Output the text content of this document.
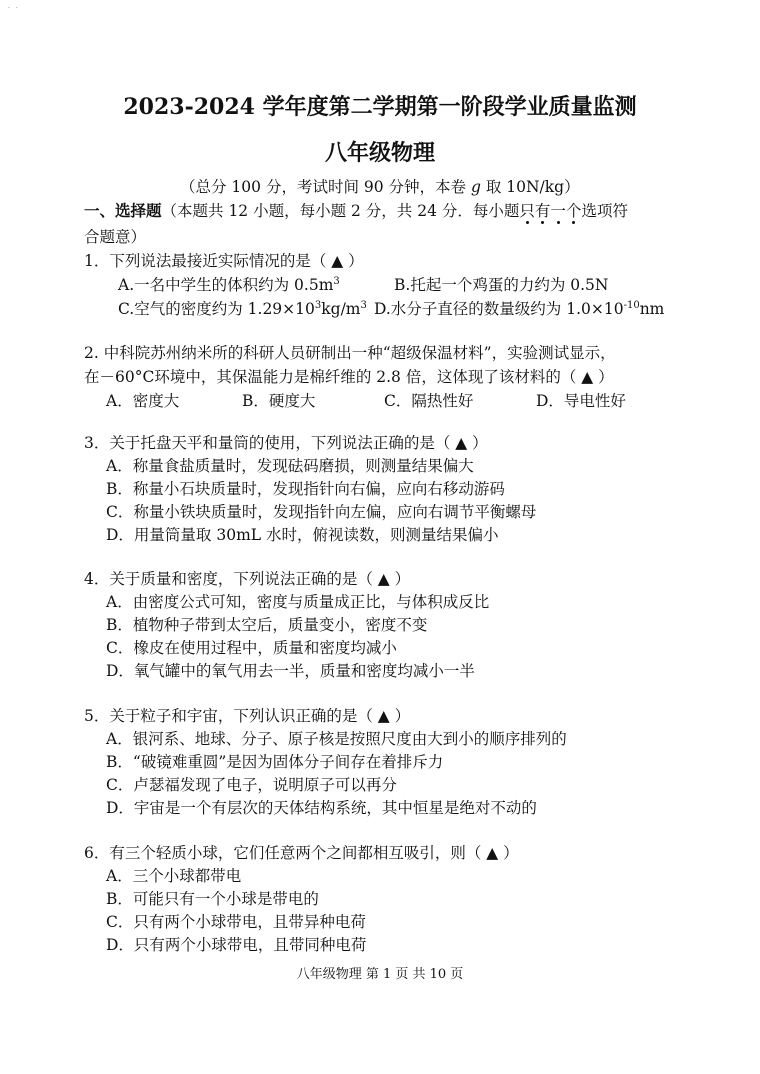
· ·
2023-2024 学年度第二学期第一阶段学业质量监测
八年级物理
（总分 100 分，考试时间 90 分钟，本卷 g 取 10N/kg）
一、选择题（本题共 12 小题，每小题 2 分，共 24 分．每小题只有一个选项符
合题意）
1．下列说法最接近实际情况的是（ ▲ ）
A.一名中学生的体积约为 $0.5m^3$	B.托起一个鸡蛋的力约为 0.5N
C.空气的密度约为 $1.29\times 10^3kg/m^3$ D.水分子直径的数量级约为 $1.0\times 10^{-10}nm$
2. 中科院苏州纳米所的科研人员研制出一种“超级保温材料”，实验测试显示，
在－60°C环境中，其保温能力是棉纤维的 2.8 倍，这体现了该材料的（ ▲ ）
A．密度大	B．硬度大	C．隔热性好	D．导电性好
3．关于托盘天平和量筒的使用，下列说法正确的是（ ▲ ）
A．称量食盐质量时，发现砝码磨损，则测量结果偏大
B．称量小石块质量时，发现指针向右偏，应向右移动游码
C．称量小铁块质量时，发现指针向左偏，应向右调节平衡螺母
D．用量筒量取 30mL 水时，俯视读数，则测量结果偏小
4．关于质量和密度，下列说法正确的是（ ▲ ）
A．由密度公式可知，密度与质量成正比，与体积成反比
B．植物种子带到太空后，质量变小，密度不变
C．橡皮在使用过程中，质量和密度均减小
D．氧气罐中的氧气用去一半，质量和密度均减小一半
5．关于粒子和宇宙，下列认识正确的是（ ▲ ）
A．银河系、地球、分子、原子核是按照尺度由大到小的顺序排列的
B．“破镜难重圆”是因为固体分子间存在着排斥力
C．卢瑟福发现了电子，说明原子可以再分
D．宇宙是一个有层次的天体结构系统，其中恒星是绝对不动的
6．有三个轻质小球，它们任意两个之间都相互吸引，则（ ▲ ）
A．三个小球都带电
B．可能只有一个小球是带电的
C．只有两个小球带电，且带异种电荷
D．只有两个小球带电，且带同种电荷
八年级物理 第 1 页 共 10 页
